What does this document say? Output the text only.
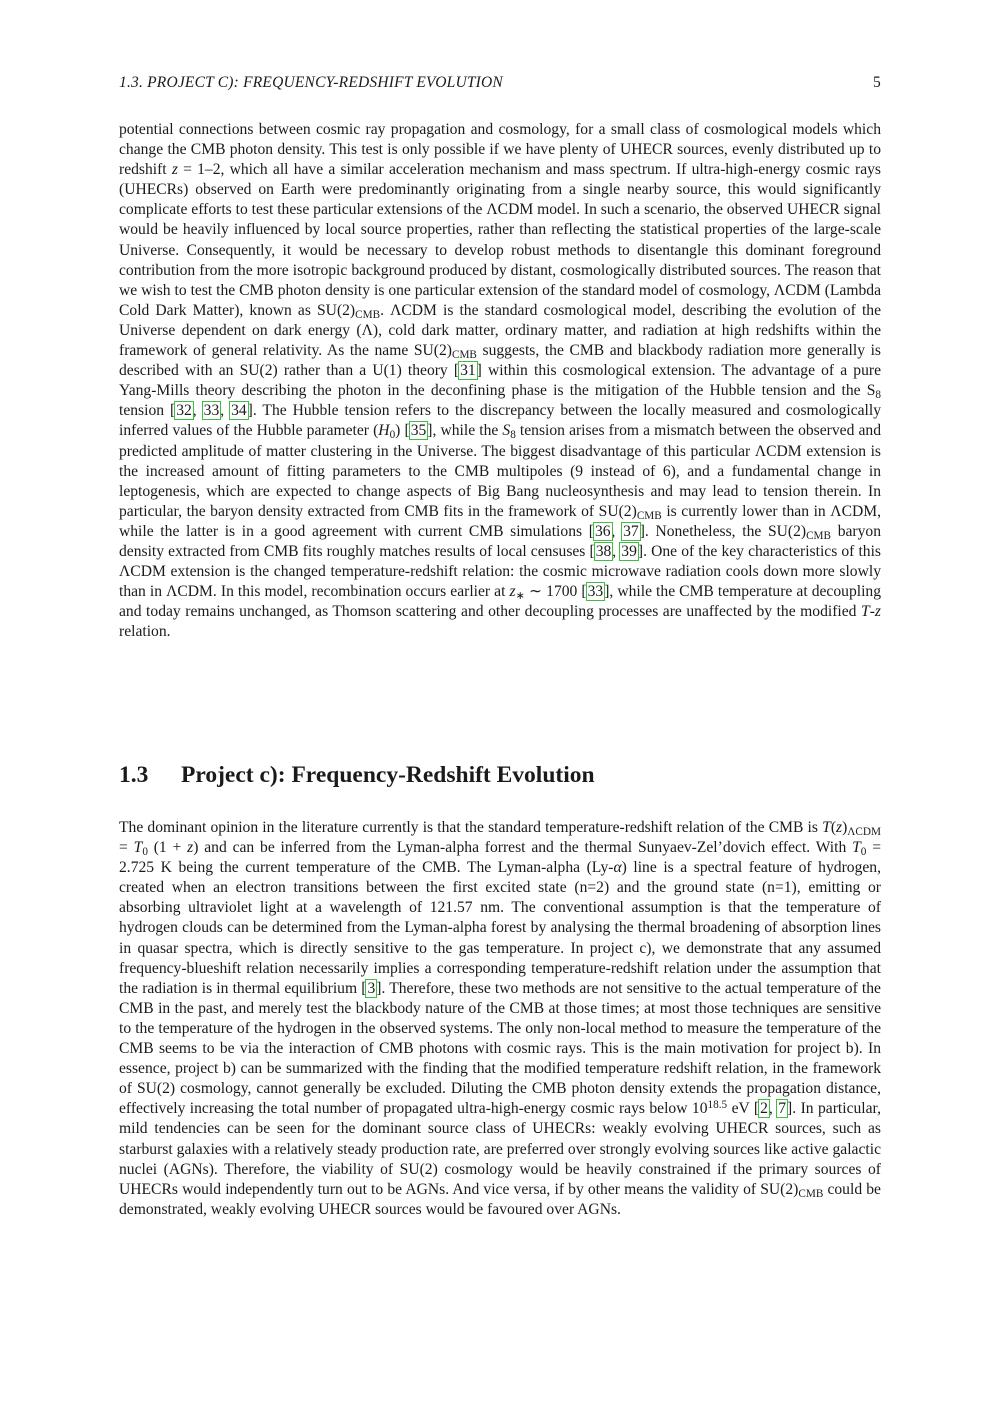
1.3. PROJECT C): FREQUENCY-REDSHIFT EVOLUTION	5

potential connections between cosmic ray propagation and cosmology, for a small class of cosmological models which change the CMB photon density. This test is only possible if we have plenty of UHECR sources, evenly distributed up to redshift z = 1–2, which all have a similar acceleration mechanism and mass spectrum. If ultra-high-energy cosmic rays (UHECRs) observed on Earth were predominantly originating from a single nearby source, this would significantly complicate efforts to test these particular extensions of the ΛCDM model. In such a scenario, the observed UHECR signal would be heavily influenced by local source properties, rather than reflecting the statistical properties of the large-scale Universe. Consequently, it would be necessary to develop robust methods to disentangle this dominant foreground contribution from the more isotropic background produced by distant, cosmologically distributed sources. The reason that we wish to test the CMB photon density is one particular extension of the standard model of cosmology, ΛCDM (Lambda Cold Dark Matter), known as $SU(2)_{CMB}$. ΛCDM is the standard cosmological model, describing the evolution of the Universe dependent on dark energy (Λ), cold dark matter, ordinary matter, and radiation at high redshifts within the framework of general relativity. As the name $SU(2)_{CMB}$ suggests, the CMB and blackbody radiation more generally is described with an SU(2) rather than a U(1) theory [31] within this cosmological extension. The advantage of a pure Yang-Mills theory describing the photon in the deconfining phase is the mitigation of the Hubble tension and the $S_8$ tension [32, 33, 34]. The Hubble tension refers to the discrepancy between the locally measured and cosmologically inferred values of the Hubble parameter $(H_0)$ [35], while the $S_8$ tension arises from a mismatch between the observed and predicted amplitude of matter clustering in the Universe. The biggest disadvantage of this particular ΛCDM extension is the increased amount of fitting parameters to the CMB multipoles (9 instead of 6), and a fundamental change in leptogenesis, which are expected to change aspects of Big Bang nucleosynthesis and may lead to tension therein. In particular, the baryon density extracted from CMB fits in the framework of $SU(2)_{CMB}$ is currently lower than in ΛCDM, while the latter is in a good agreement with current CMB simulations [36, 37]. Nonetheless, the $SU(2)_{CMB}$ baryon density extracted from CMB fits roughly matches results of local censuses [38, 39]. One of the key characteristics of this ΛCDM extension is the changed temperature-redshift relation: the cosmic microwave radiation cools down more slowly than in ΛCDM. In this model, recombination occurs earlier at $z_∗$ ∼ 1700 [33], while the CMB temperature at decoupling and today remains unchanged, as Thomson scattering and other decoupling processes are unaffected by the modified T-z relation.

1.3 Project c): Frequency-Redshift Evolution

The dominant opinion in the literature currently is that the standard temperature-redshift relation of the CMB is $T(z)_{\Lambda CDM} = T_0$ (1 + z) and can be inferred from the Lyman-alpha forrest and the thermal Sunyaev-Zel’dovich effect. With $T_0 = 2.725$ K being the current temperature of the CMB. The Lyman-alpha (Ly-α) line is a spectral feature of hydrogen, created when an electron transitions between the first excited state (n=2) and the ground state (n=1), emitting or absorbing ultraviolet light at a wavelength of 121.57 nm. The conventional assumption is that the temperature of hydrogen clouds can be determined from the Lyman-alpha forest by analysing the thermal broadening of absorption lines in quasar spectra, which is directly sensitive to the gas temperature. In project c), we demonstrate that any assumed frequency-blueshift relation necessarily implies a corresponding temperature-redshift relation under the assumption that the radiation is in thermal equilibrium [3]. Therefore, these two methods are not sensitive to the actual temperature of the CMB in the past, and merely test the blackbody nature of the CMB at those times; at most those techniques are sensitive to the temperature of the hydrogen in the observed systems. The only non-local method to measure the temperature of the CMB seems to be via the interaction of CMB photons with cosmic rays. This is the main motivation for project b). In essence, project b) can be summarized with the finding that the modified temperature redshift relation, in the framework of SU(2) cosmology, cannot generally be excluded. Diluting the CMB photon density extends the propagation distance, effectively increasing the total number of propagated ultra-high-energy cosmic rays below $10^{18.5}$ eV [2, 7]. In particular, mild tendencies can be seen for the dominant source class of UHECRs: weakly evolving UHECR sources, such as starburst galaxies with a relatively steady production rate, are preferred over strongly evolving sources like active galactic nuclei (AGNs). Therefore, the viability of SU(2) cosmology would be heavily constrained if the primary sources of UHECRs would independently turn out to be AGNs. And vice versa, if by other means the validity of $SU(2)_{CMB}$ could be demonstrated, weakly evolving UHECR sources would be favoured over AGNs.
